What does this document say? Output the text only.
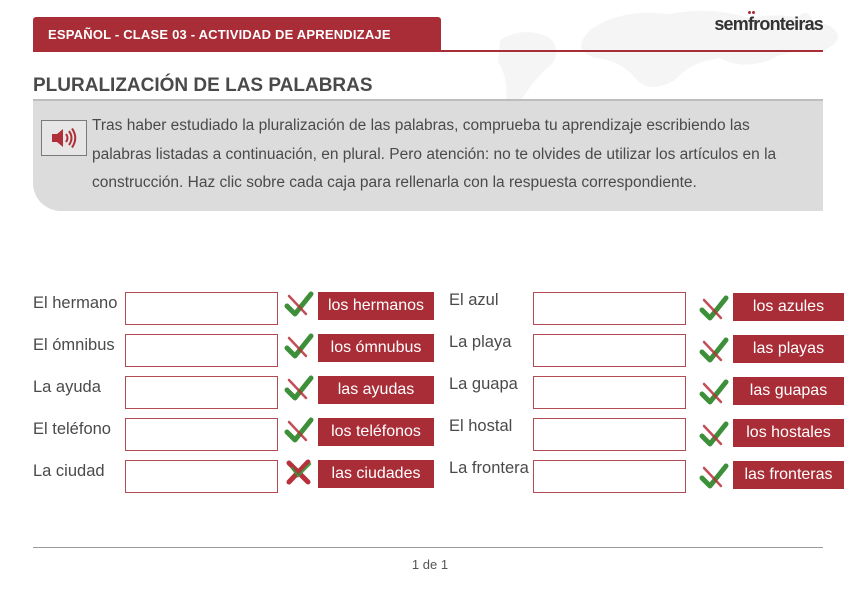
ESPAÑOL - CLASE 03 - ACTIVIDAD DE APRENDIZAJE	semfronteiras
PLURALIZACIÓN DE LAS PALABRAS
Tras haber estudiado la pluralización de las palabras, comprueba tu aprendizaje escribiendo las palabras listadas a continuación, en plural. Pero atención: no te olvides de utilizar los artículos en la construcción. Haz clic sobre cada caja para rellenarla con la respuesta correspondiente.
El hermano	los hermanos
El ómnibus	los ómnubus
La ayuda	las ayudas
El teléfono	los teléfonos
La ciudad	las ciudades
El azul	los azules
La playa	las playas
La guapa	las guapas
El hostal	los hostales
La frontera	las fronteras
1 de 1
